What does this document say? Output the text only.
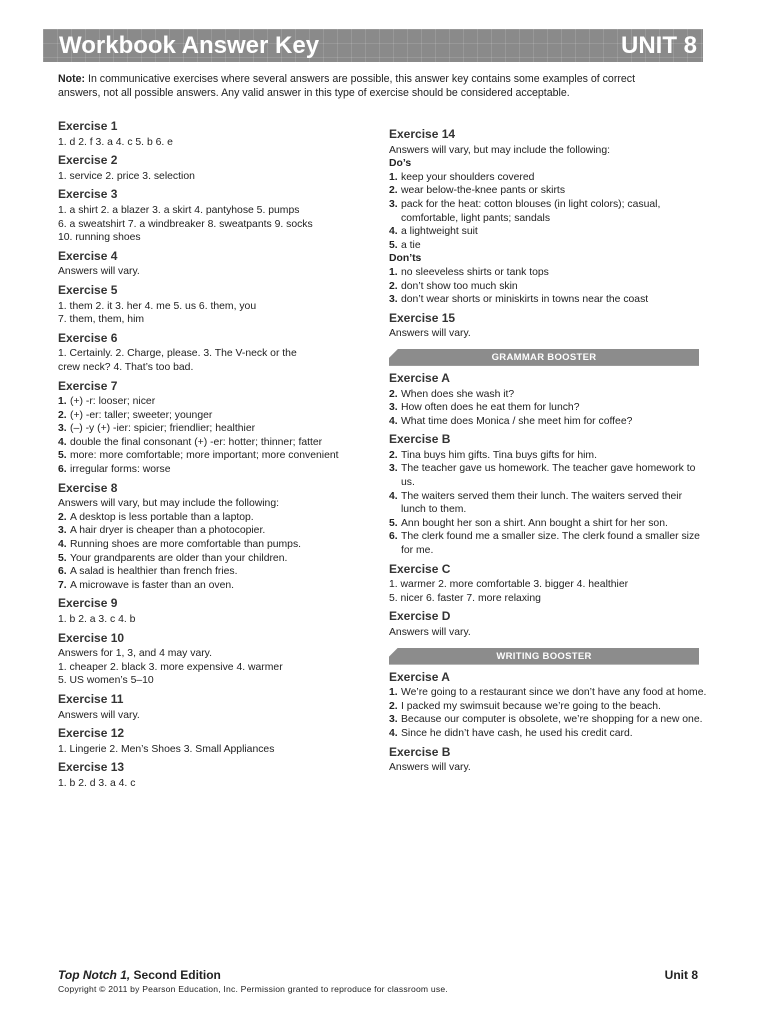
Workbook Answer Key	UNIT 8
Note: In communicative exercises where several answers are possible, this answer key contains some examples of correct answers, not all possible answers. Any valid answer in this type of exercise should be considered acceptable.
Exercise 1
1. d 2. f 3. a 4. c 5. b 6. e
Exercise 2
1. service 2. price 3. selection
Exercise 3
1. a shirt 2. a blazer 3. a skirt 4. pantyhose 5. pumps
6. a sweatshirt 7. a windbreaker 8. sweatpants 9. socks
10. running shoes
Exercise 4
Answers will vary.
Exercise 5
1. them 2. it 3. her 4. me 5. us 6. them, you
7. them, them, him
Exercise 6
1. Certainly. 2. Charge, please. 3. The V-neck or the
crew neck? 4. That’s too bad.
Exercise 7
1. (+) -r: looser; nicer
2. (+) -er: taller; sweeter; younger
3. (–) -y (+) -ier: spicier; friendlier; healthier
4. double the final consonant (+) -er: hotter; thinner; fatter
5. more: more comfortable; more important; more convenient
6. irregular forms: worse
Exercise 8
Answers will vary, but may include the following:
2. A desktop is less portable than a laptop.
3. A hair dryer is cheaper than a photocopier.
4. Running shoes are more comfortable than pumps.
5. Your grandparents are older than your children.
6. A salad is healthier than french fries.
7. A microwave is faster than an oven.
Exercise 9
1. b 2. a 3. c 4. b
Exercise 10
Answers for 1, 3, and 4 may vary.
1. cheaper 2. black 3. more expensive 4. warmer
5. US women’s 5–10
Exercise 11
Answers will vary.
Exercise 12
1. Lingerie 2. Men’s Shoes 3. Small Appliances
Exercise 13
1. b 2. d 3. a 4. c
Exercise 14
Answers will vary, but may include the following:
Do’s
1. keep your shoulders covered
2. wear below-the-knee pants or skirts
3. pack for the heat: cotton blouses (in light colors); casual, comfortable, light pants; sandals
4. a lightweight suit
5. a tie
Don’ts
1. no sleeveless shirts or tank tops
2. don’t show too much skin
3. don’t wear shorts or miniskirts in towns near the coast
Exercise 15
Answers will vary.
GRAMMAR BOOSTER
Exercise A
2. When does she wash it?
3. How often does he eat them for lunch?
4. What time does Monica / she meet him for coffee?
Exercise B
2. Tina buys him gifts. Tina buys gifts for him.
3. The teacher gave us homework. The teacher gave homework to us.
4. The waiters served them their lunch. The waiters served their lunch to them.
5. Ann bought her son a shirt. Ann bought a shirt for her son.
6. The clerk found me a smaller size. The clerk found a smaller size for me.
Exercise C
1. warmer 2. more comfortable 3. bigger 4. healthier
5. nicer 6. faster 7. more relaxing
Exercise D
Answers will vary.
WRITING BOOSTER
Exercise A
1. We’re going to a restaurant since we don’t have any food at home.
2. I packed my swimsuit because we’re going to the beach.
3. Because our computer is obsolete, we’re shopping for a new one.
4. Since he didn’t have cash, he used his credit card.
Exercise B
Answers will vary.
Top Notch 1, Second Edition	Unit 8
Copyright © 2011 by Pearson Education, Inc. Permission granted to reproduce for classroom use.
